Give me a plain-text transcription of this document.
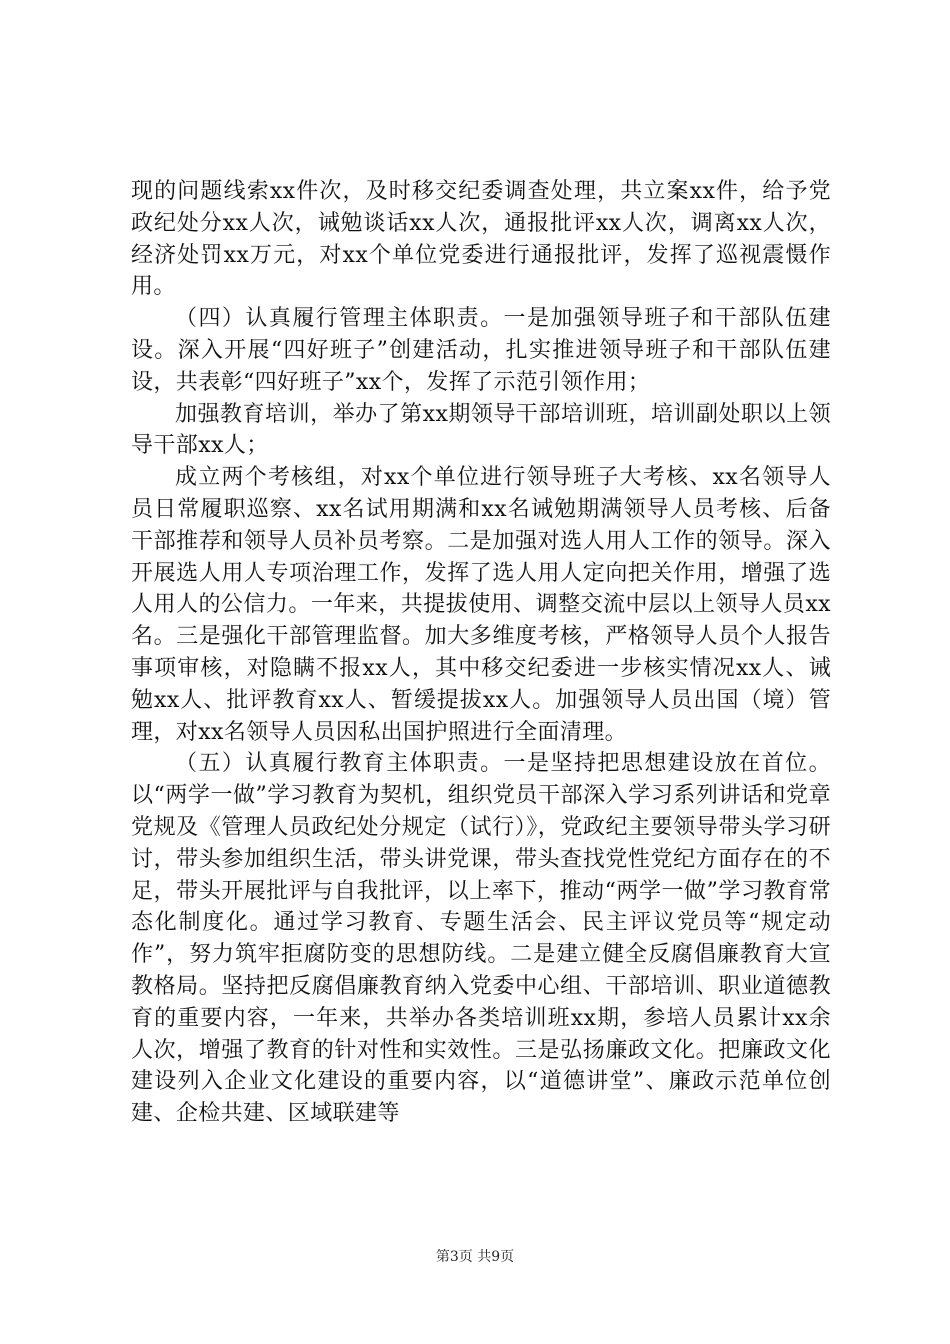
现的问题线索xx件次，及时移交纪委调查处理，共立案xx件，给予党政纪处分xx人次，诫勉谈话xx人次，通报批评xx人次，调离xx人次，经济处罚xx万元，对xx个单位党委进行通报批评，发挥了巡视震慑作用。

（四）认真履行管理主体职责。一是加强领导班子和干部队伍建设。深入开展“四好班子”创建活动，扎实推进领导班子和干部队伍建设，共表彰“四好班子”xx个，发挥了示范引领作用；

加强教育培训，举办了第xx期领导干部培训班，培训副处职以上领导干部xx人；

成立两个考核组，对xx个单位进行领导班子大考核、xx名领导人员日常履职巡察、xx名试用期满和xx名诫勉期满领导人员考核、后备干部推荐和领导人员补员考察。二是加强对选人用人工作的领导。深入开展选人用人专项治理工作，发挥了选人用人定向把关作用，增强了选人用人的公信力。一年来，共提拔使用、调整交流中层以上领导人员xx名。三是强化干部管理监督。加大多维度考核，严格领导人员个人报告事项审核，对隐瞒不报xx人，其中移交纪委进一步核实情况xx人、诫勉xx人、批评教育xx人、暂缓提拔xx人。加强领导人员出国（境）管理，对xx名领导人员因私出国护照进行全面清理。

（五）认真履行教育主体职责。一是坚持把思想建设放在首位。以“两学一做”学习教育为契机，组织党员干部深入学习系列讲话和党章党规及《管理人员政纪处分规定（试行）》，党政纪主要领导带头学习研讨，带头参加组织生活，带头讲党课，带头查找党性党纪方面存在的不足，带头开展批评与自我批评，以上率下，推动“两学一做”学习教育常态化制度化。通过学习教育、专题生活会、民主评议党员等“规定动作”，努力筑牢拒腐防变的思想防线。二是建立健全反腐倡廉教育大宣教格局。坚持把反腐倡廉教育纳入党委中心组、干部培训、职业道德教育的重要内容，一年来，共举办各类培训班xx期，参培人员累计xx余人次，增强了教育的针对性和实效性。三是弘扬廉政文化。把廉政文化建设列入企业文化建设的重要内容，以“道德讲堂”、廉政示范单位创建、企检共建、区域联建等

第3页 共9页
